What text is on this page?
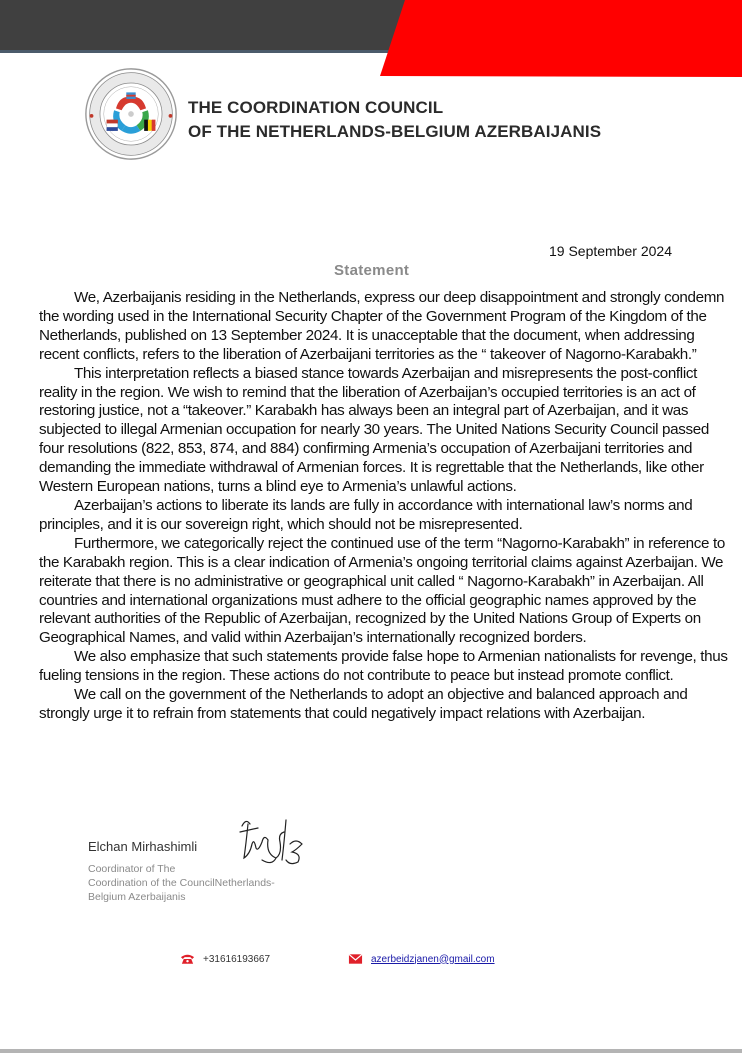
THE COORDINATION COUNCIL
OF THE NETHERLANDS-BELGIUM AZERBAIJANIS
19 September 2024
Statement

We, Azerbaijanis residing in the Netherlands, express our deep disappointment and strongly condemn the wording used in the International Security Chapter of the Government Program of the Kingdom of the Netherlands, published on 13 September 2024. It is unacceptable that the document, when addressing recent conflicts, refers to the liberation of Azerbaijani territories as the “ takeover of Nagorno-Karabakh.”

This interpretation reflects a biased stance towards Azerbaijan and misrepresents the post-conflict reality in the region. We wish to remind that the liberation of Azerbaijan’s occupied territories is an act of restoring justice, not a “takeover.” Karabakh has always been an integral part of Azerbaijan, and it was subjected to illegal Armenian occupation for nearly 30 years. The United Nations Security Council passed four resolutions (822, 853, 874, and 884) confirming Armenia’s occupation of Azerbaijani territories and demanding the immediate withdrawal of Armenian forces. It is regrettable that the Netherlands, like other Western European nations, turns a blind eye to Armenia’s unlawful actions.

Azerbaijan’s actions to liberate its lands are fully in accordance with international law’s norms and principles, and it is our sovereign right, which should not be misrepresented.

Furthermore, we categorically reject the continued use of the term “Nagorno-Karabakh” in reference to the Karabakh region. This is a clear indication of Armenia’s ongoing territorial claims against Azerbaijan. We reiterate that there is no administrative or geographical unit called “ Nagorno-Karabakh” in Azerbaijan. All countries and international organizations must adhere to the official geographic names approved by the relevant authorities of the Republic of Azerbaijan, recognized by the United Nations Group of Experts on Geographical Names, and valid within Azerbaijan’s internationally recognized borders.

We also emphasize that such statements provide false hope to Armenian nationalists for revenge, thus fueling tensions in the region. These actions do not contribute to peace but instead promote conflict.

We call on the government of the Netherlands to adopt an objective and balanced approach and strongly urge it to refrain from statements that could negatively impact relations with Azerbaijan.

Elchan Mirhashimli
Coordinator of The
Coordination of the CouncilNetherlands-
Belgium Azerbaijanis
+31616193667	azerbeidzjanen@gmail.com
